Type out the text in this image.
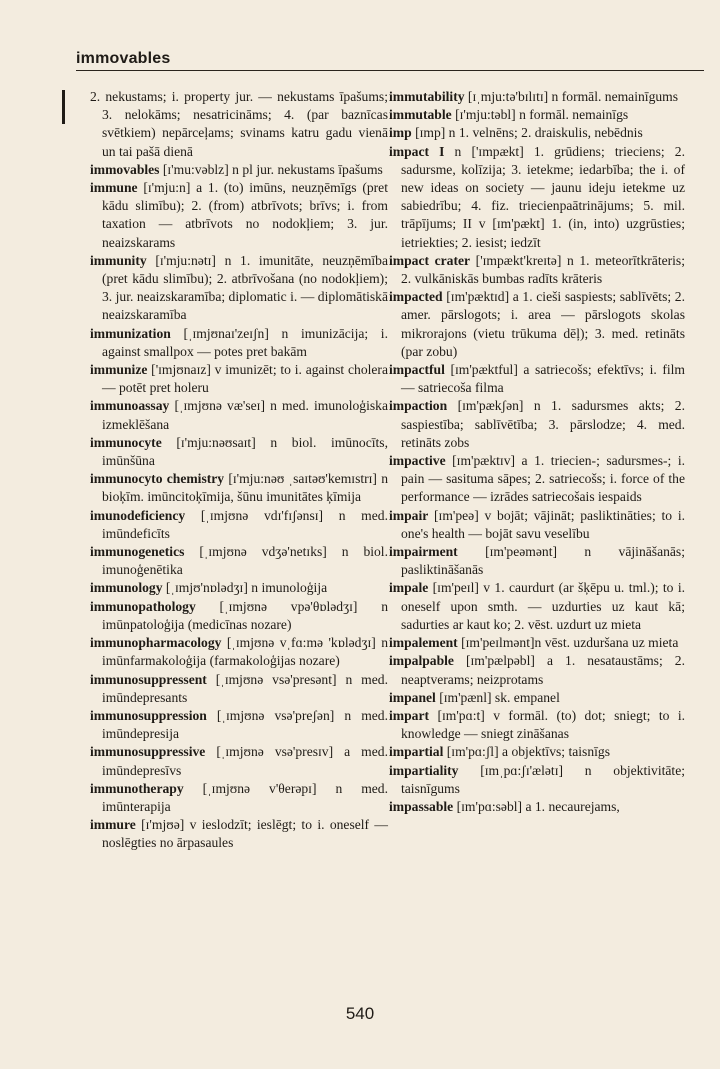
immovables

2. nekustams; i. property jur. — nekustams īpašums; 3. nelokāms; nesatricināms; 4. (par baznīcas svētkiem) nepārceļams; svinams katru gadu vienā un tai pašā dienā

immovables [ɪ'mu:vəblz] n pl jur. nekustams īpašums

immune [ɪ'mju:n] a 1. (to) imūns, neuzņēmīgs (pret kādu slimību); 2. (from) atbrīvots; brīvs; i. from taxation — atbrīvots no nodokļiem; 3. jur. neaizskarams

immunity [ɪ'mju:nətɪ] n 1. imunitāte, neuzņēmība (pret kādu slimību); 2. atbrīvošana (no nodokļiem); 3. jur. neaizskaramība; diplomatic i. — diplomātiskā neaizskaramība

immunization [ˌɪmjʊnaɪ'zeɪʃn] n imunizācija; i. against smallpox — potes pret bakām

immunize ['ɪmjʊnaɪz] v imunizēt; to i. against cholera — potēt pret holeru

immunoassay [ˌɪmjʊnə vӕ'seɪ] n med. imunoloģiska izmeklēšana

immunocyte [ɪ'mju:nəʊsaɪt] n biol. imūnocīts, imūnšūna

immunocyto chemistry [ɪ'mju:nəʊ ˌsaɪtəʊ'kemɪstrɪ] n bioķīm. imūncitoķīmija, šūnu imunitātes ķīmija

imunodeficiency [ˌɪmjʊnə vdɪ'fɪʃənsɪ] n med. imūndeficīts

immunogenetics [ˌɪmjʊnə vdʒə'netɪks] n biol. imunoģenētika

immunology [ˌɪmjʊ'nɒlədʒɪ] n imunoloģija

immunopathology [ˌɪmjʊnə vpə'θɒlədʒɪ] n imūnpatoloģija (medicīnas nozare)

immunopharmacology [ˌɪmjʊnə vˌfɑ:mə 'kɒlədʒɪ] n imūnfarmakoloģija (farmakoloģijas nozare)

immunosuppressent [ˌɪmjʊnə vsə'presənt] n med. imūndepresants

immunosuppression [ˌɪmjʊnə vsə'preʃən] n med. imūndepresija

immunosuppressive [ˌɪmjʊnə vsə'presɪv] a med. imūndepresīvs

immunotherapy [ˌɪmjʊnə v'θerəpɪ] n med. imūnterapija

immure [ɪ'mjʊə] v ieslodzīt; ieslēgt; to i. oneself — noslēgties no ārpasaules

immutability [ɪˌmju:tə'bɪlɪtɪ] n formāl. nemainīgums

immutable [ɪ'mju:təbl] n formāl. nemainīgs

imp [ɪmp] n 1. velnēns; 2. draiskulis, nebēdnis

impact I n ['ɪmpӕkt] 1. grūdiens; trieciens; 2. sadursme, kolīzija; 3. ietekme; iedarbība; the i. of new ideas on society — jaunu ideju ietekme uz sabiedrību; 4. fiz. triecienpaātrinājums; 5. mil. trāpījums; II v [ɪm'pӕkt] 1. (in, into) uzgrūsties; ietriekties; 2. iesist; iedzīt

impact crater ['ɪmpӕkt'kreɪtə] n 1. meteorītkrāteris; 2. vulkāniskās bumbas radīts krāteris

impacted [ɪm'pӕktɪd] a 1. cieši saspiests; sablīvēts; 2. amer. pārslogots; i. area — pārslogots skolas mikrorajons (vietu trūkuma dēļ); 3. med. retināts (par zobu)

impactful [ɪm'pӕktful] a satriecošs; efektīvs; i. film — satriecoša filma

impaction [ɪm'pӕkʃən] n 1. sadursmes akts; 2. saspiestība; sablīvētība; 3. pārslodze; 4. med. retināts zobs

impactive [ɪm'pӕktɪv] a 1. triecien-; sadursmes-; i. pain — sasituma sāpes; 2. satriecošs; i. force of the performance — izrādes satriecošais iespaids

impair [ɪm'peə] v bojāt; vājināt; pasliktināties; to i. one's health — bojāt savu veselību

impairment [ɪm'peəmənt] n vājināšanās; pasliktināšanās

impale [ɪm'peɪl] v 1. caurdurt (ar šķēpu u. tml.); to i. oneself upon smth. — uzdurties uz kaut kā; sadurties ar kaut ko; 2. vēst. uzdurt uz mieta

impalement [ɪm'peɪlmənt]n vēst. uzduršana uz mieta

impalpable [ɪm'pӕlpəbl] a 1. nesataustāms; 2. neaptverams; neizprotams

impanel [ɪm'pӕnl] sk. empanel

impart [ɪm'pɑ:t] v formāl. (to) dot; sniegt; to i. knowledge — sniegt zināšanas

impartial [ɪm'pɑ:ʃl] a objektīvs; taisnīgs

impartiality [ɪmˌpɑ:ʃɪ'ӕlətɪ] n objektivitāte; taisnīgums

impassable [ɪm'pɑ:səbl] a 1. necaurejams,

540
